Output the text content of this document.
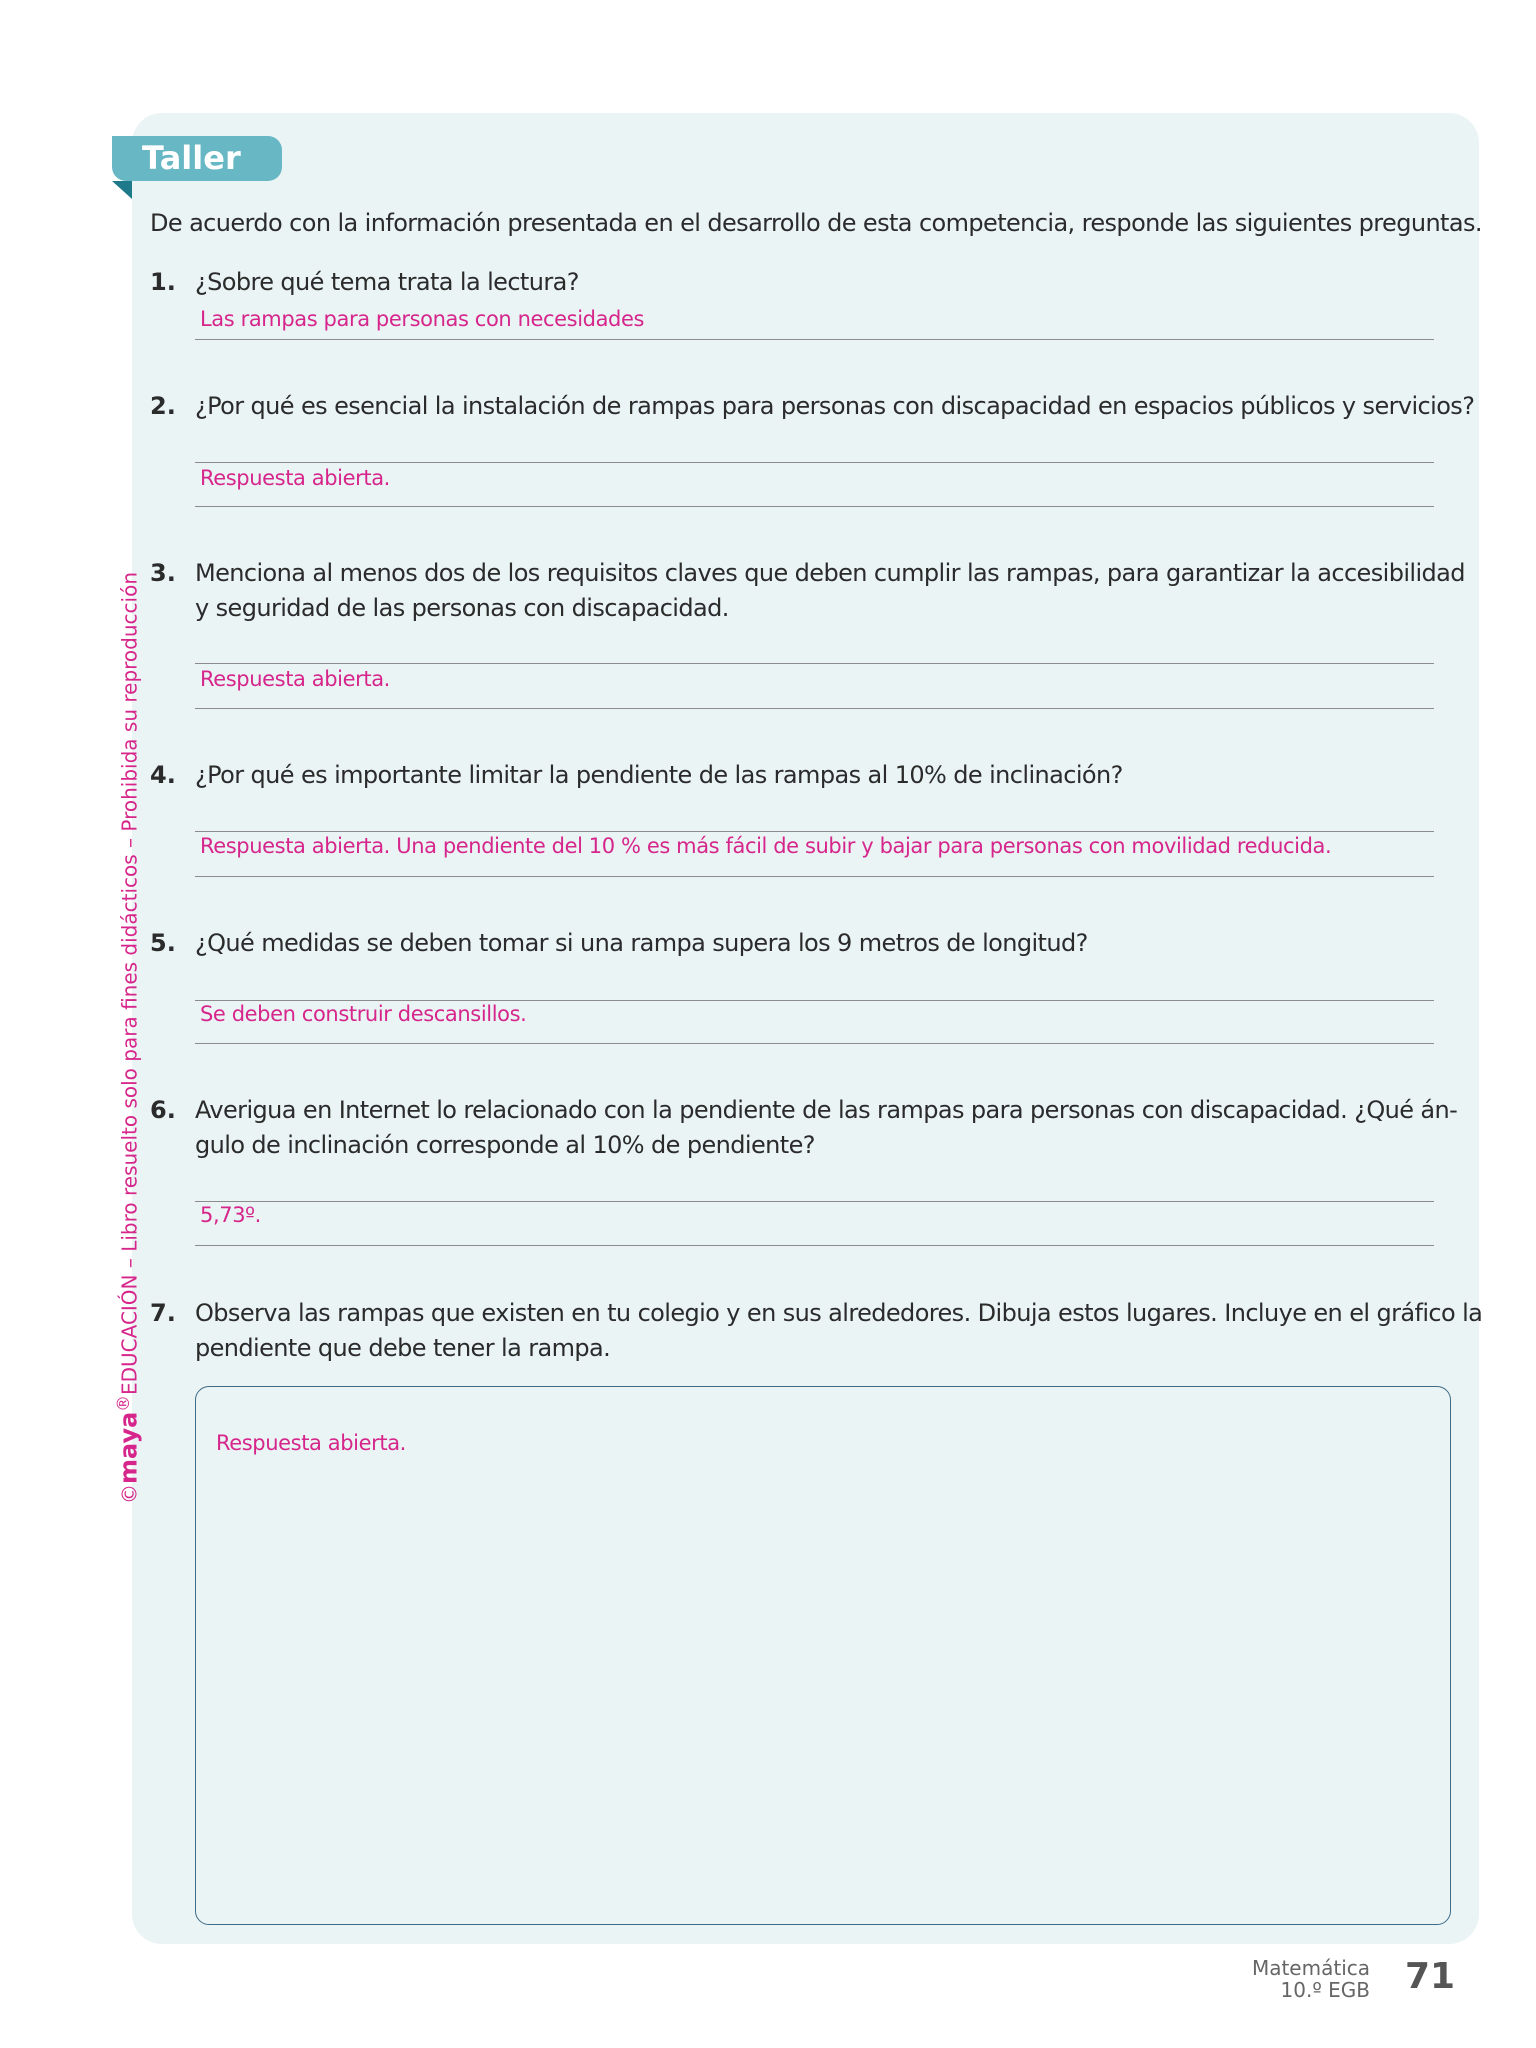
Taller
De acuerdo con la información presentada en el desarrollo de esta competencia, responde las siguientes preguntas.
1. ¿Sobre qué tema trata la lectura?
Las rampas para personas con necesidades
2. ¿Por qué es esencial la instalación de rampas para personas con discapacidad en espacios públicos y servicios?
Respuesta abierta.
3. Menciona al menos dos de los requisitos claves que deben cumplir las rampas, para garantizar la accesibilidad
y seguridad de las personas con discapacidad.
Respuesta abierta.
4. ¿Por qué es importante limitar la pendiente de las rampas al 10% de inclinación?
Respuesta abierta. Una pendiente del 10 % es más fácil de subir y bajar para personas con movilidad reducida.
5. ¿Qué medidas se deben tomar si una rampa supera los 9 metros de longitud?
Se deben construir descansillos.
6. Averigua en Internet lo relacionado con la pendiente de las rampas para personas con discapacidad. ¿Qué án-
gulo de inclinación corresponde al 10% de pendiente?
5,73º.
7. Observa las rampas que existen en tu colegio y en sus alrededores. Dibuja estos lugares. Incluye en el gráfico la
pendiente que debe tener la rampa.
Respuesta abierta.
©maya®EDUCACIÓN – Libro resuelto solo para fines didácticos – Prohibida su reproducción
Matemática
10.º EGB 71
